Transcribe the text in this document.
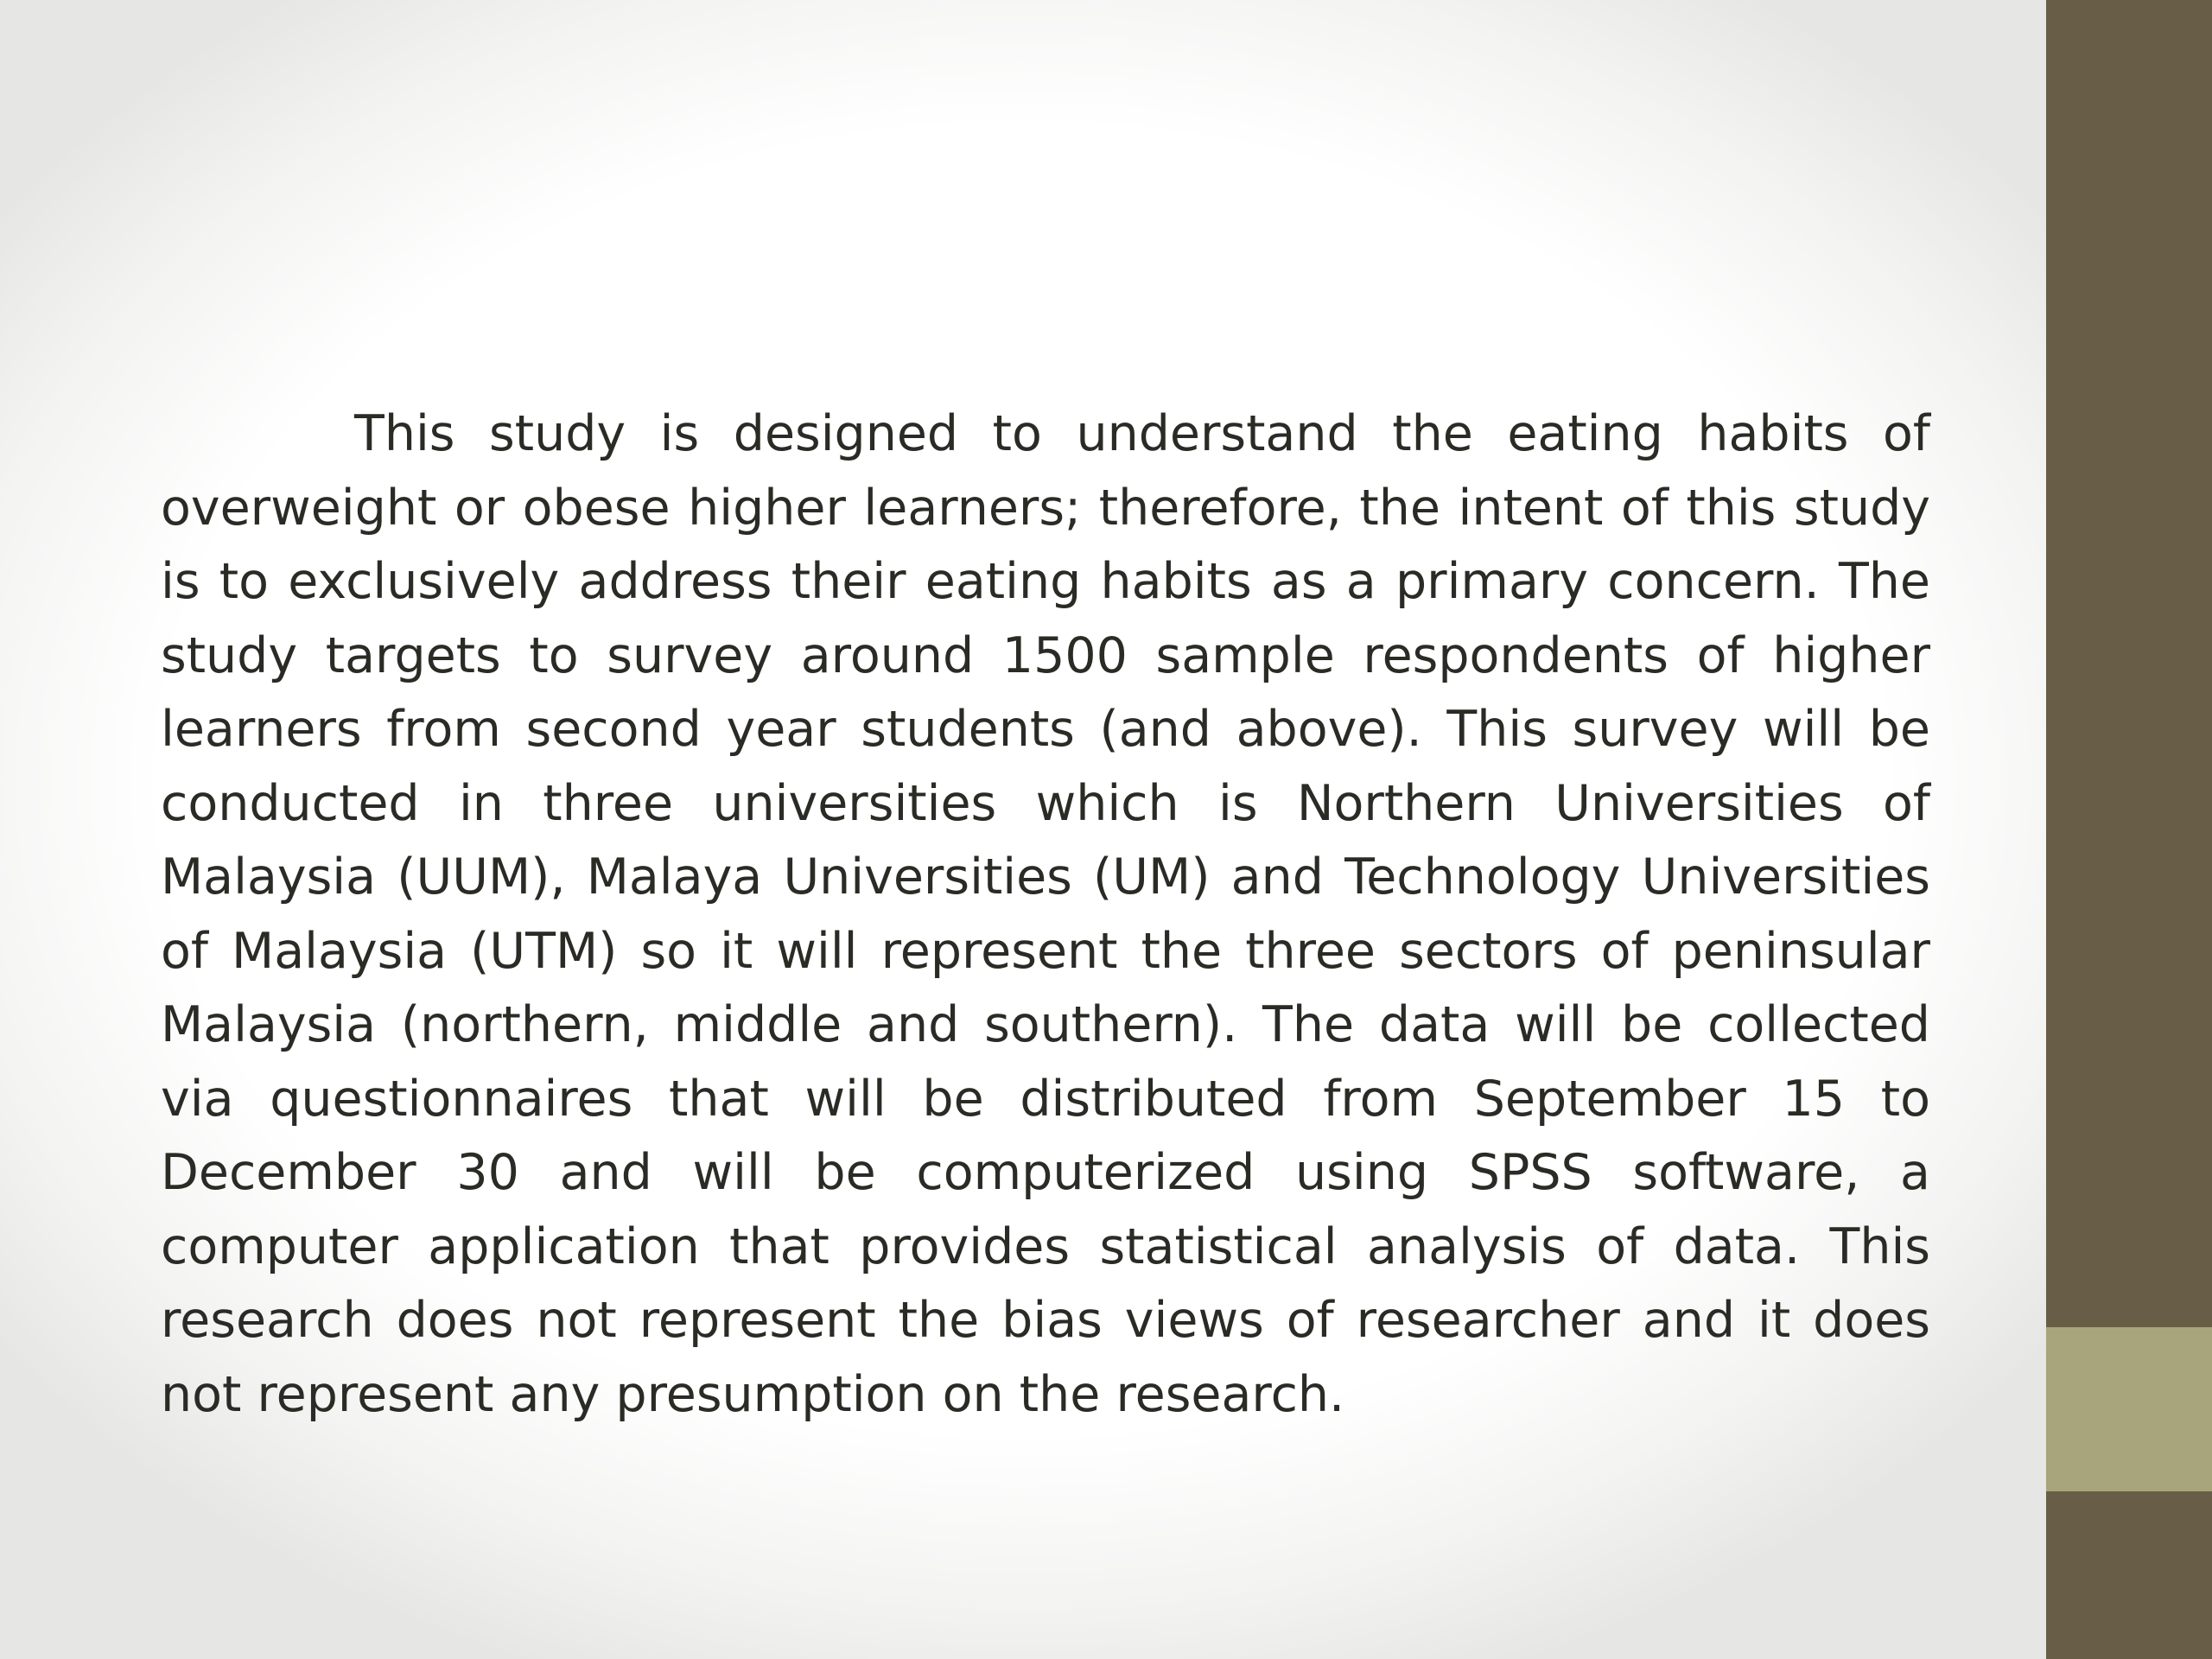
This study is designed to understand the eating habits of overweight or obese higher learners; therefore, the intent of this study is to exclusively address their eating habits as a primary concern. The study targets to survey around 1500 sample respondents of higher learners from second year students (and above). This survey will be conducted in three universities which is Northern Universities of Malaysia (UUM), Malaya Universities (UM) and Technology Universities of Malaysia (UTM) so it will represent the three sectors of peninsular Malaysia (northern, middle and southern). The data will be collected via questionnaires that will be distributed from September 15 to December 30 and will be computerized using SPSS software, a computer application that provides statistical analysis of data. This research does not represent the bias views of researcher and it does not represent any presumption on the research.
